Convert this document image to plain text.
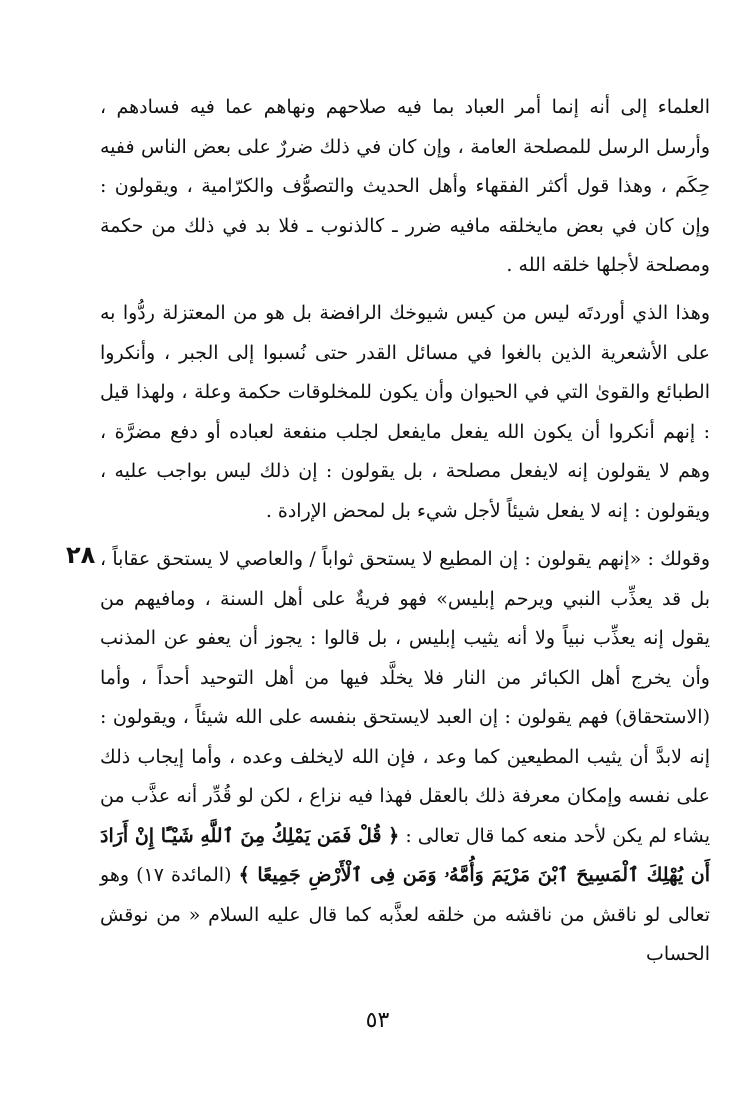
العلماء إلى أنه إنما أمر العباد بما فيه صلاحهم ونهاهم عما فيه فسادهم ، وأرسل الرسل للمصلحة العامة ، وإن كان في ذلك ضررٌ على بعض الناس ففيه حِكَم ، وهذا قول أكثر الفقهاء وأهل الحديث والتصوُّف والكرّامية ، ويقولون : وإن كان في بعض مايخلقه مافيه ضرر ـ كالذنوب ـ فلا بد في ذلك من حكمة ومصلحة لأجلها خلقه الله .

وهذا الذي أوردتَه ليس من كيس شيوخك الرافضة بل هو من المعتزلة ردُّوا به على الأشعرية الذين بالغوا في مسائل القدر حتى نُسبوا إلى الجبر ، وأنكروا الطبائع والقوىٰ التي في الحيوان وأن يكون للمخلوقات حكمة وعلة ، ولهذا قيل : إنهم أنكروا أن يكون الله يفعل مايفعل لجلب منفعة لعباده أو دفع مضرَّة ، وهم لا يقولون إنه لايفعل مصلحة ، بل يقولون : إن ذلك ليس بواجب عليه ، ويقولون : إنه لا يفعل شيئاً لأجل شيء بل لمحض الإرادة .

٢٨ وقولك : «إنهم يقولون : إن المطيع لا يستحق ثواباً / والعاصي لا يستحق عقاباً ، بل قد يعذِّب النبي ويرحم إبليس» فهو فريةٌ على أهل السنة ، ومافيهم من يقول إنه يعذِّب نبياً ولا أنه يثيب إبليس ، بل قالوا : يجوز أن يعفو عن المذنب وأن يخرج أهل الكبائر من النار فلا يخلَّد فيها من أهل التوحيد أحداً ، وأما (الاستحقاق) فهم يقولون : إن العبد لايستحق بنفسه على الله شيئاً ، ويقولون : إنه لابدَّ أن يثيب المطيعين كما وعد ، فإن الله لايخلف وعده ، وأما إيجاب ذلك على نفسه وإمكان معرفة ذلك بالعقل فهذا فيه نزاع ، لكن لو قُدِّر أنه عذَّب من يشاء لم يكن لأحد منعه كما قال تعالى : ﴿ قُلْ فَمَن يَمْلِكُ مِنَ ٱللَّهِ شَيْـًٔا إِنْ أَرَادَ أَن يُهْلِكَ ٱلْمَسِيحَ ٱبْنَ مَرْيَمَ وَأُمَّهُۥ وَمَن فِى ٱلْأَرْضِ جَمِيعًا ﴾ (المائدة ١٧) وهو تعالى لو ناقش من ناقشه من خلقه لعذَّبه كما قال عليه السلام « من نوقش الحساب

٥٣
